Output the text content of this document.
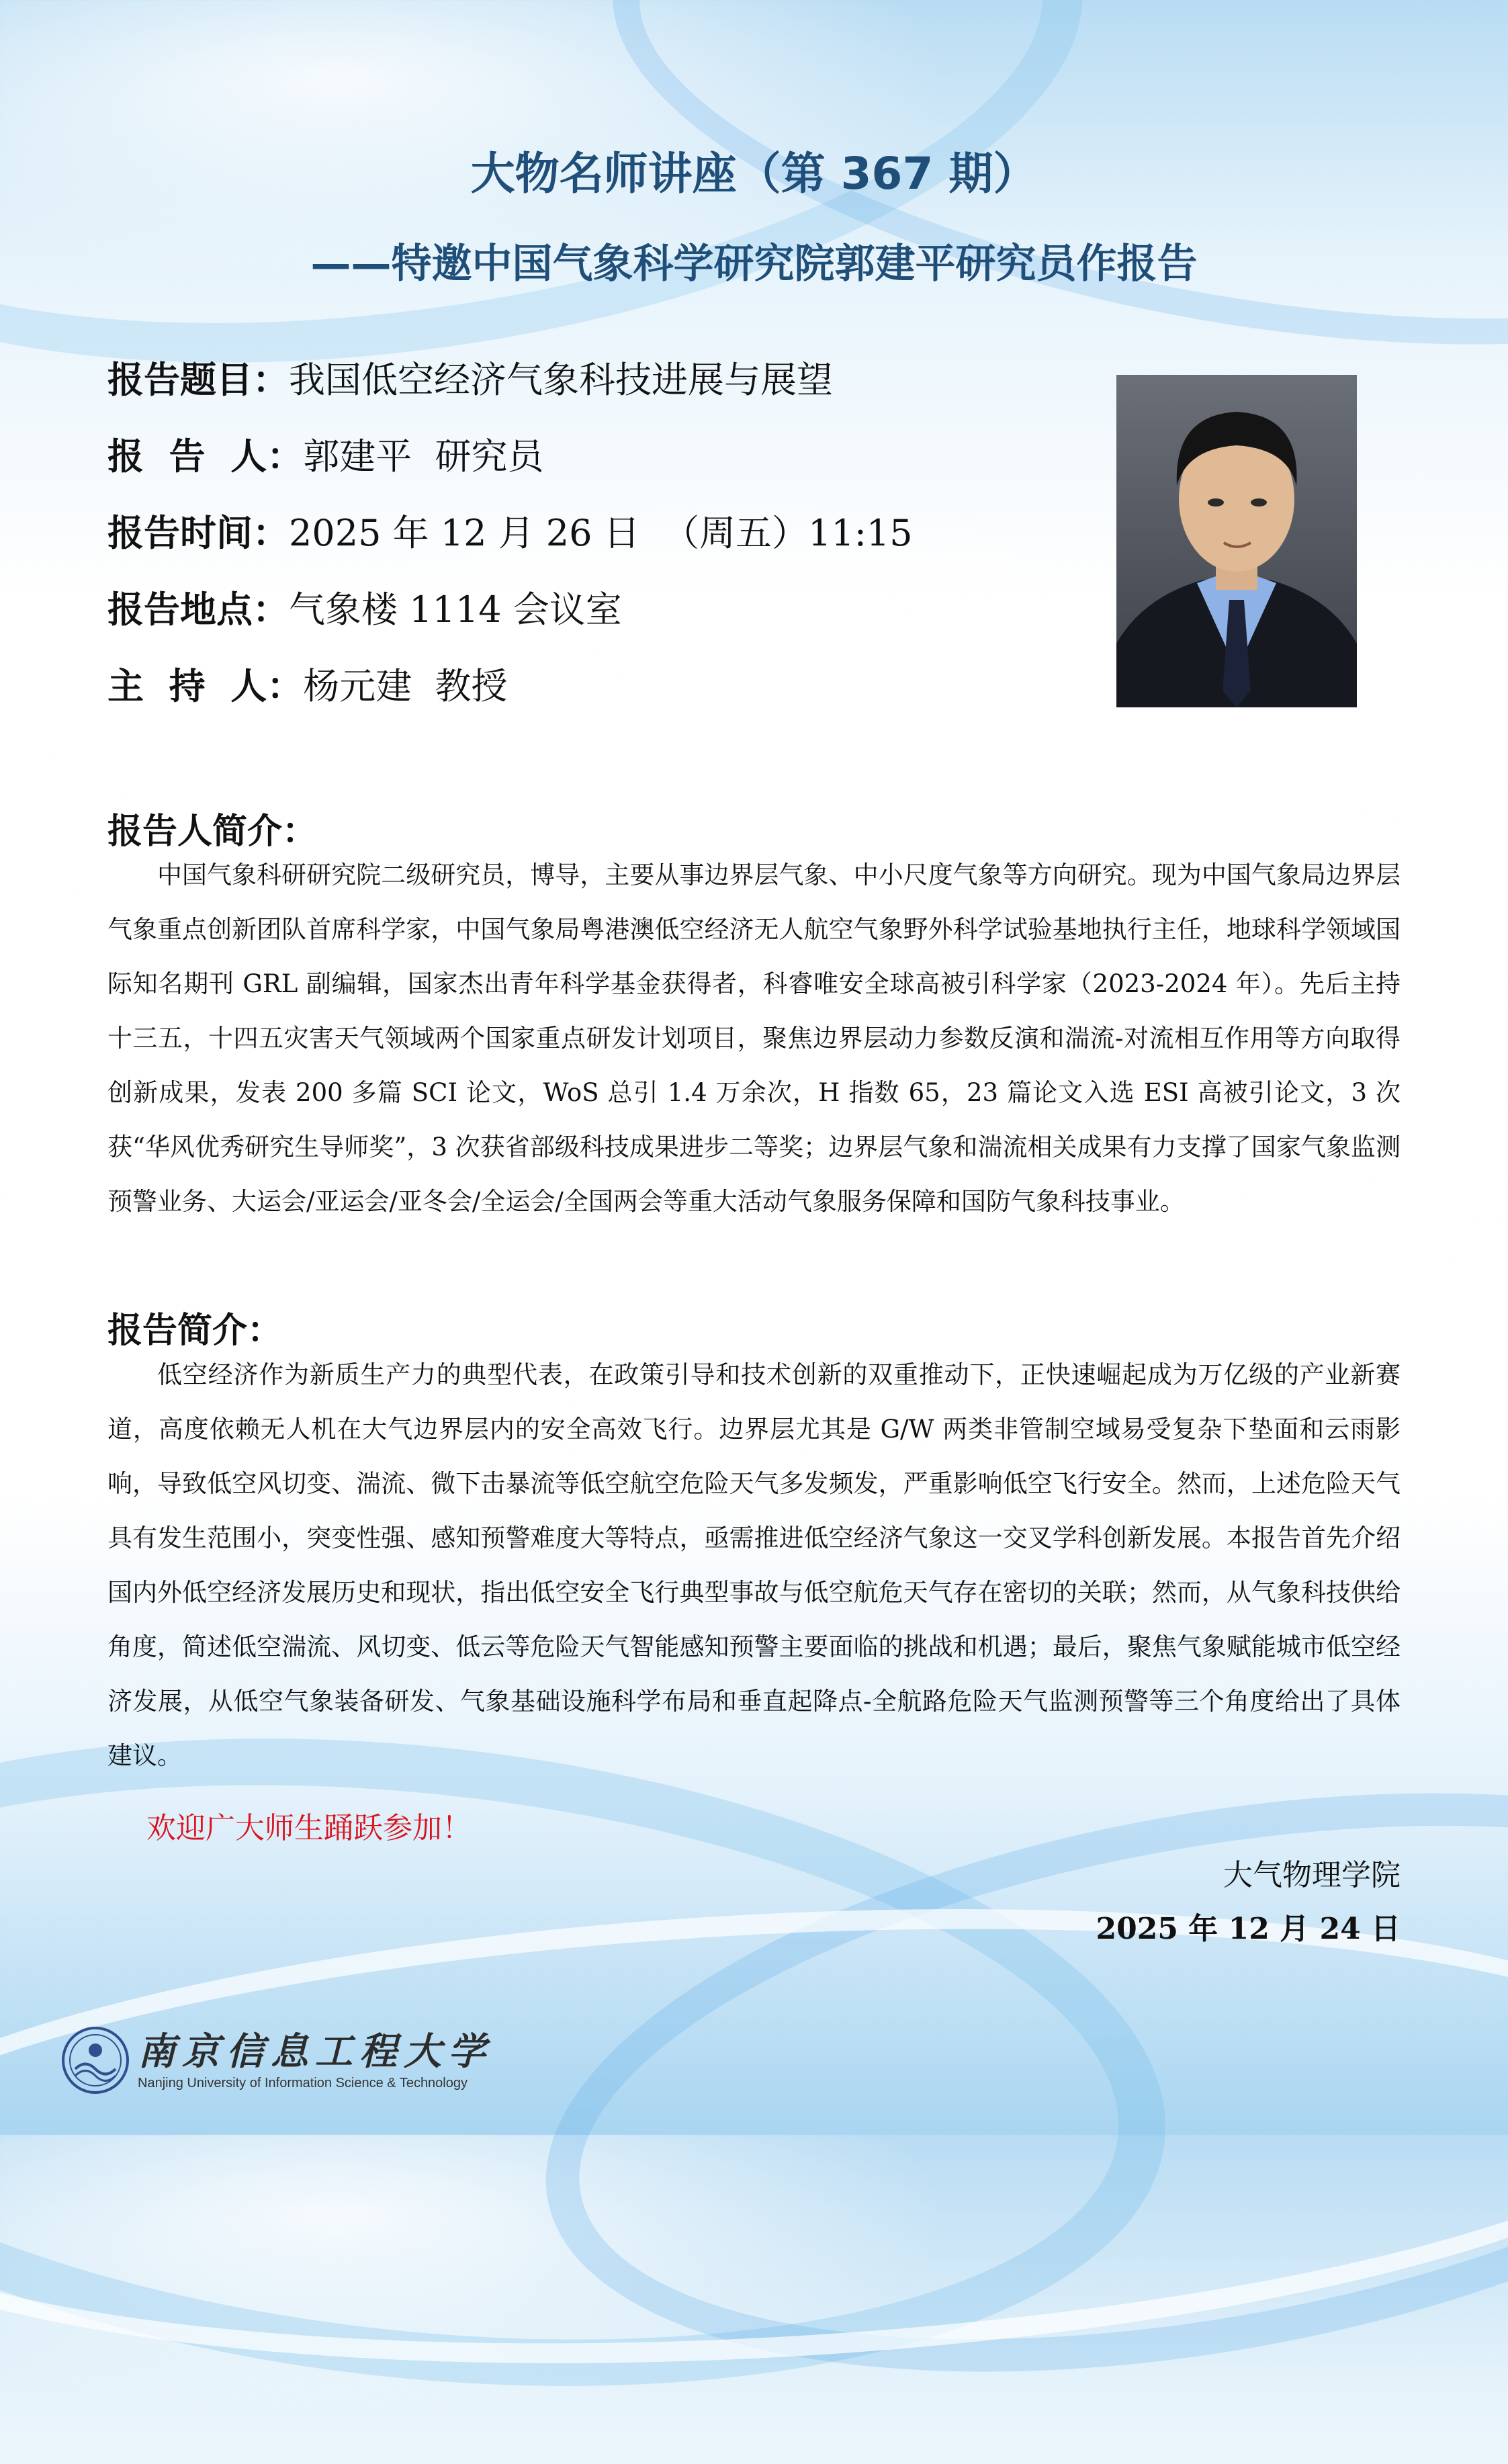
大物名师讲座（第 367 期）
——特邀中国气象科学研究院郭建平研究员作报告
报告题目：我国低空经济气象科技进展与展望
报  告  人：郭建平  研究员
报告时间：2025 年 12 月 26 日  （周五）11:15
报告地点：气象楼 1114 会议室
主  持  人：杨元建  教授
报告人简介：

中国气象科研研究院二级研究员，博导，主要从事边界层气象、中小尺度气象等方向研究。现为中国气象局边界层气象重点创新团队首席科学家，中国气象局粤港澳低空经济无人航空气象野外科学试验基地执行主任，地球科学领域国际知名期刊 GRL 副编辑，国家杰出青年科学基金获得者，科睿唯安全球高被引科学家（2023-2024 年）。先后主持十三五，十四五灾害天气领域两个国家重点研发计划项目，聚焦边界层动力参数反演和湍流-对流相互作用等方向取得创新成果，发表 200 多篇 SCI 论文，WoS 总引 1.4 万余次，H 指数 65，23 篇论文入选 ESI 高被引论文，3 次获“华风优秀研究生导师奖”，3 次获省部级科技成果进步二等奖；边界层气象和湍流相关成果有力支撑了国家气象监测预警业务、大运会/亚运会/亚冬会/全运会/全国两会等重大活动气象服务保障和国防气象科技事业。

报告简介：

低空经济作为新质生产力的典型代表，在政策引导和技术创新的双重推动下，正快速崛起成为万亿级的产业新赛道，高度依赖无人机在大气边界层内的安全高效飞行。边界层尤其是 G/W 两类非管制空域易受复杂下垫面和云雨影响，导致低空风切变、湍流、微下击暴流等低空航空危险天气多发频发，严重影响低空飞行安全。然而，上述危险天气具有发生范围小，突变性强、感知预警难度大等特点，亟需推进低空经济气象这一交叉学科创新发展。本报告首先介绍国内外低空经济发展历史和现状，指出低空安全飞行典型事故与低空航危天气存在密切的关联；然而，从气象科技供给角度，简述低空湍流、风切变、低云等危险天气智能感知预警主要面临的挑战和机遇；最后，聚焦气象赋能城市低空经济发展，从低空气象装备研发、气象基础设施科学布局和垂直起降点-全航路危险天气监测预警等三个角度给出了具体建议。

欢迎广大师生踊跃参加！
大气物理学院
2025 年 12 月 24 日
南京信息工程大学
Nanjing University of Information Science & Technology
